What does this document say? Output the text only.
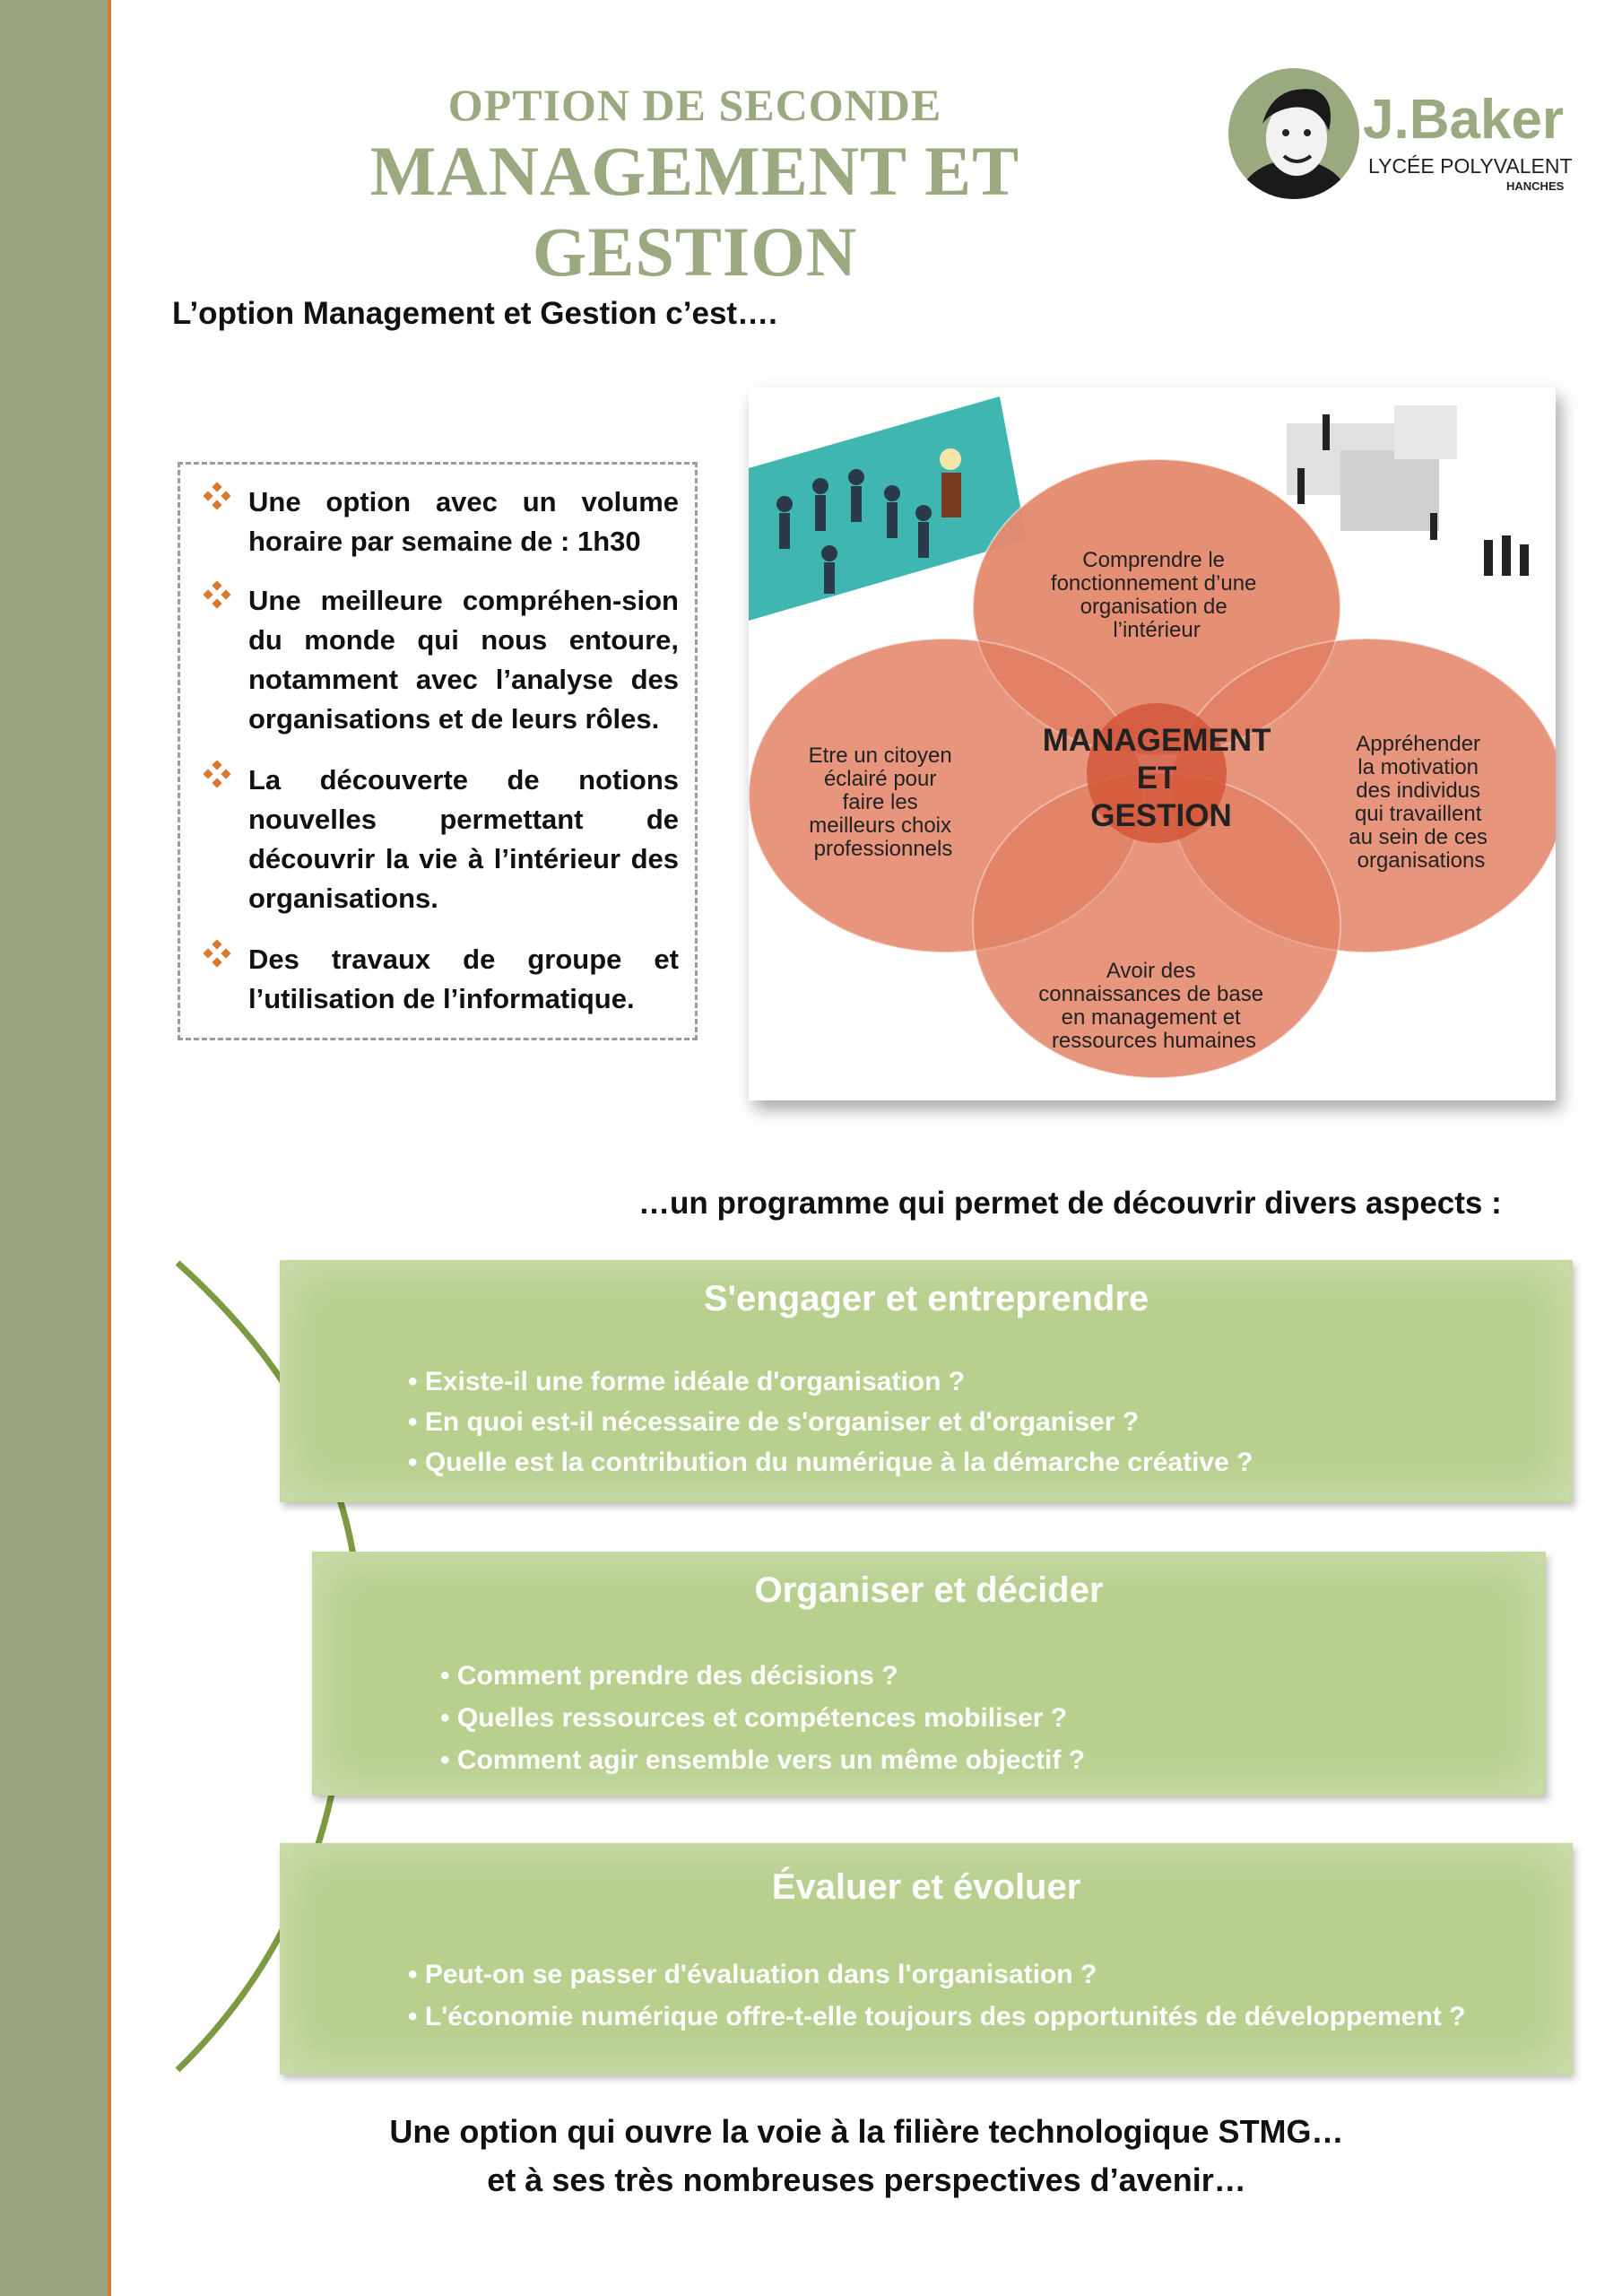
OPTION DE SECONDE
MANAGEMENT ET GESTION
J.Baker
LYCÉE POLYVALENT
HANCHES
L’option Management et Gestion c’est….
Une option avec un volume horaire par semaine de : 1h30
Une meilleure compréhen-sion du monde qui nous entoure, notamment avec l’analyse des organisations et de leurs rôles.
La découverte de notions nouvelles permettant de découvrir la vie à l’intérieur des organisations.
Des travaux de groupe et l’utilisation de l’informatique.
MANAGEMENT ET GESTION
Comprendre le fonctionnement d’une organisation de l’intérieur
Etre un citoyen éclairé pour faire les meilleurs choix professionnels
Appréhender la motivation des individus qui travaillent au sein de ces organisations
Avoir des connaissances de base en management et ressources humaines
…un programme qui permet de découvrir divers aspects :
S'engager et entreprendre
• Existe-il une forme idéale d'organisation ?
• En quoi est-il nécessaire de s'organiser et d'organiser ?
• Quelle est la contribution du numérique à la démarche créative ?
Organiser et décider
• Comment prendre des décisions ?
• Quelles ressources et compétences mobiliser ?
• Comment agir ensemble vers un même objectif ?
Évaluer et évoluer
• Peut-on se passer d'évaluation dans l'organisation ?
• L'économie numérique offre-t-elle toujours des opportunités de développement ?
Une option qui ouvre la voie à la filière technologique STMG…
et à ses très nombreuses perspectives d’avenir…
